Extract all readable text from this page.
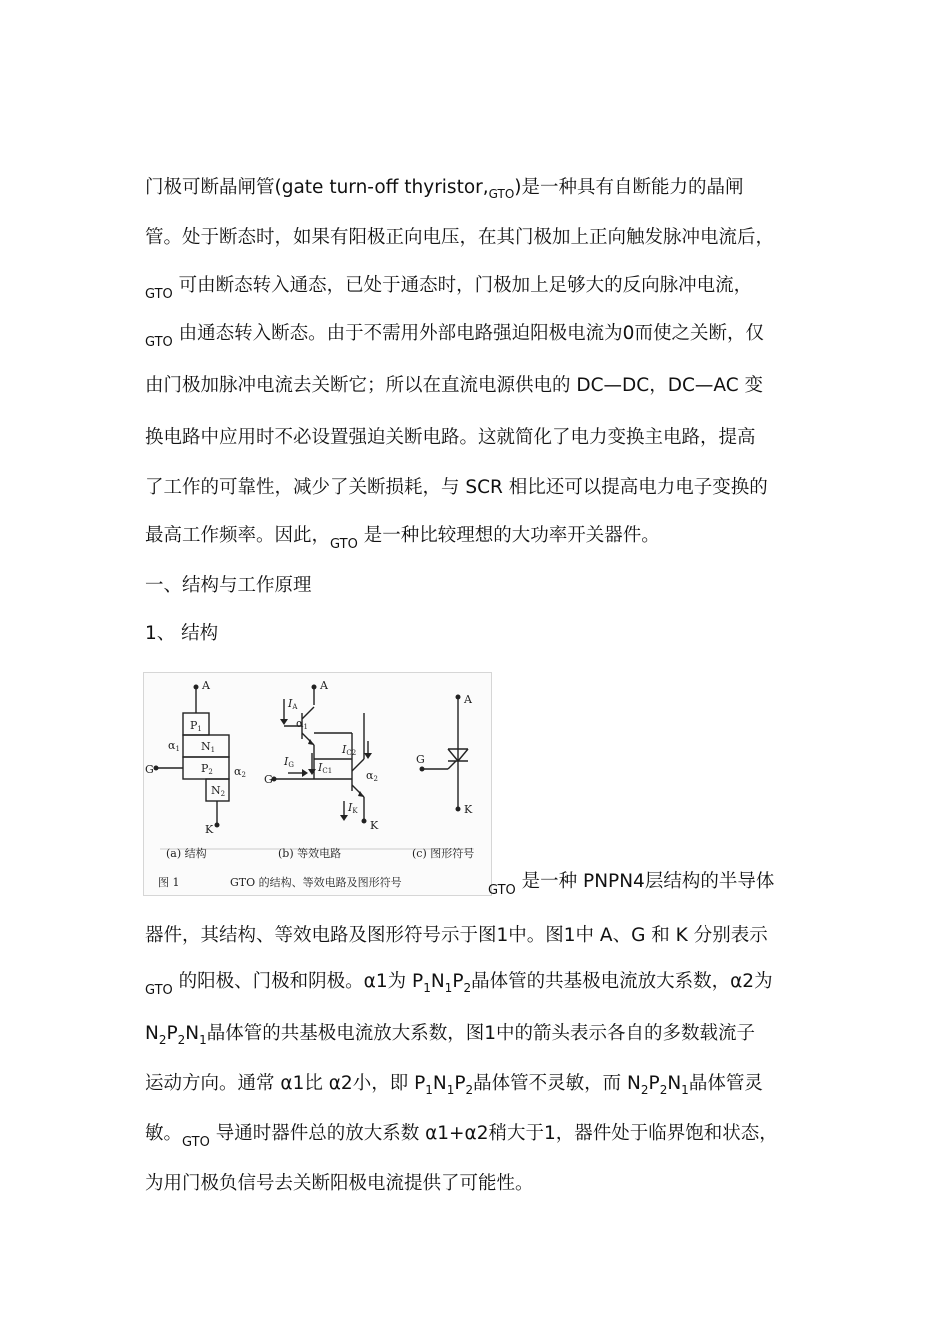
门极可断晶闸管(gate turn-off $thyristor,_{GTO}$)是一种具有自断能力的晶闸
管。处于断态时，如果有阳极正向电压，在其门极加上正向触发脉冲电流后，
$_{GTO}$ 可由断态转入通态，已处于通态时，门极加上足够大的反向脉冲电流，
$_{GTO}$ 由通态转入断态。由于不需用外部电路强迫阳极电流为0而使之关断，仅
由门极加脉冲电流去关断它；所以在直流电源供电的 DC—DC，DC—AC 变
换电路中应用时不必设置强迫关断电路。这就简化了电力变换主电路，提高
了工作的可靠性，减少了关断损耗，与 SCR 相比还可以提高电力电子变换的
最高工作频率。因此，$_{GTO}$ 是一种比较理想的大功率开关器件。
一、结构与工作原理
1、 结构
A
G
K
P1
N1
P2
N2
α1
α2
A
G
K
IA
IG
IK
IC1
IC2
α1
α2
A
G
K
(a) 结构	(b) 等效电路	(c) 图形符号
图 1	GTO 的结构、等效电路及图形符号
$_{GTO}$ 是一种 PNPN4层结构的半导体
器件，其结构、等效电路及图形符号示于图1中。图1中 A、G 和 K 分别表示
$_{GTO}$ 的阳极、门极和阴极。α1为 $P_1N_1P_2$晶体管的共基极电流放大系数，α2为
$N_2P_2N_1$晶体管的共基极电流放大系数，图1中的箭头表示各自的多数载流子
运动方向。通常 α1比 α2小，即 $P_1N_1P_2$晶体管不灵敏，而 $N_2P_2N_1$晶体管灵
敏。$_{GTO}$ 导通时器件总的放大系数 α1+α2稍大于1，器件处于临界饱和状态，
为用门极负信号去关断阳极电流提供了可能性。
